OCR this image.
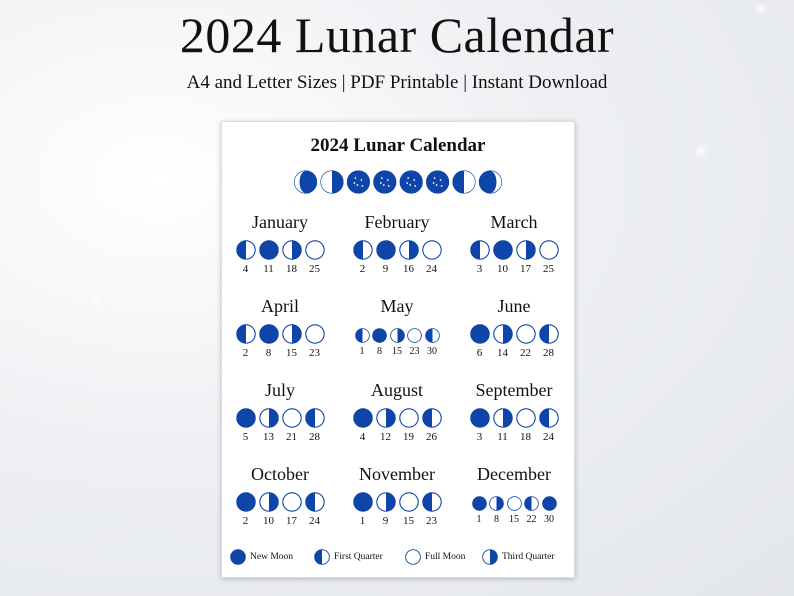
2024 Lunar Calendar
A4 and Letter Sizes | PDF Printable | Instant Download
2024 Lunar Calendar
January
4	11	18	25
February
2	9	16	24
March
3	10	17	25
April
2	8	15	23
May
1	8	15 23 30
June
6	14	22	28
July
5	13	21	28
August
4	12	19	26
September
3	11	18	24
October
2	10	17	24
November
1	9	15	23
December
1	8	15 22 30
New Moon	First Quarter	Full Moon	Third Quarter
